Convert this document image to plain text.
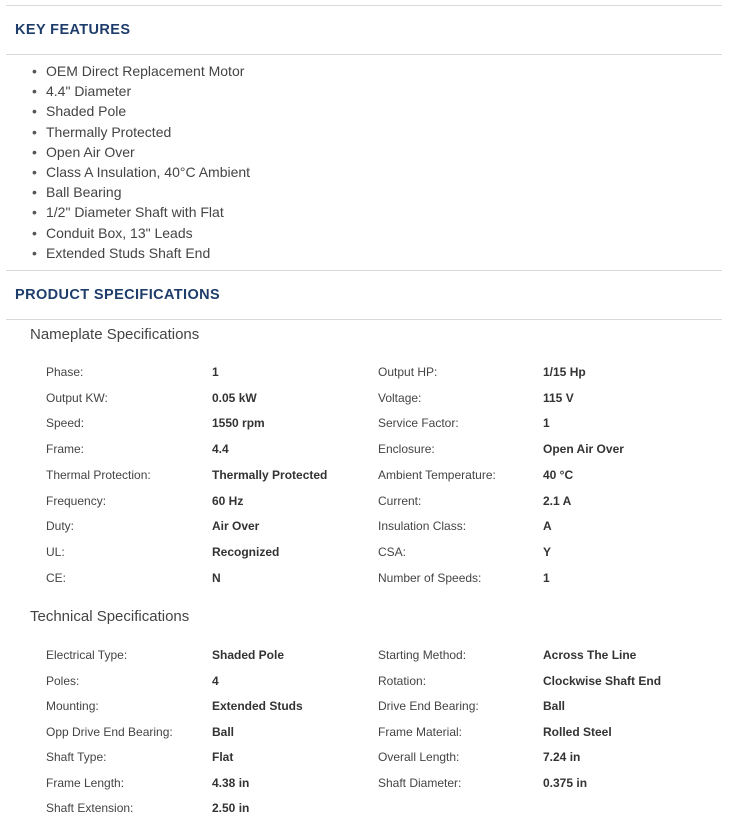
KEY FEATURES
• OEM Direct Replacement Motor
• 4.4" Diameter
• Shaded Pole
• Thermally Protected
• Open Air Over
• Class A Insulation, 40°C Ambient
• Ball Bearing
• 1/2" Diameter Shaft with Flat
• Conduit Box, 13" Leads
• Extended Studs Shaft End
PRODUCT SPECIFICATIONS
Nameplate Specifications
Phase:	1	Output HP:	1/15 Hp
Output KW:	0.05 kW	Voltage:	115 V
Speed:	1550 rpm	Service Factor:	1
Frame:	4.4	Enclosure:	Open Air Over
Thermal Protection:	Thermally Protected	Ambient Temperature:	40 °C
Frequency:	60 Hz	Current:	2.1 A
Duty:	Air Over	Insulation Class:	A
UL:	Recognized	CSA:	Y
CE:	N	Number of Speeds:	1
Technical Specifications
Electrical Type:	Shaded Pole	Starting Method:	Across The Line
Poles:	4	Rotation:	Clockwise Shaft End
Mounting:	Extended Studs	Drive End Bearing:	Ball
Opp Drive End Bearing:	Ball	Frame Material:	Rolled Steel
Shaft Type:	Flat	Overall Length:	7.24 in
Frame Length:	4.38 in	Shaft Diameter:	0.375 in
Shaft Extension:	2.50 in
